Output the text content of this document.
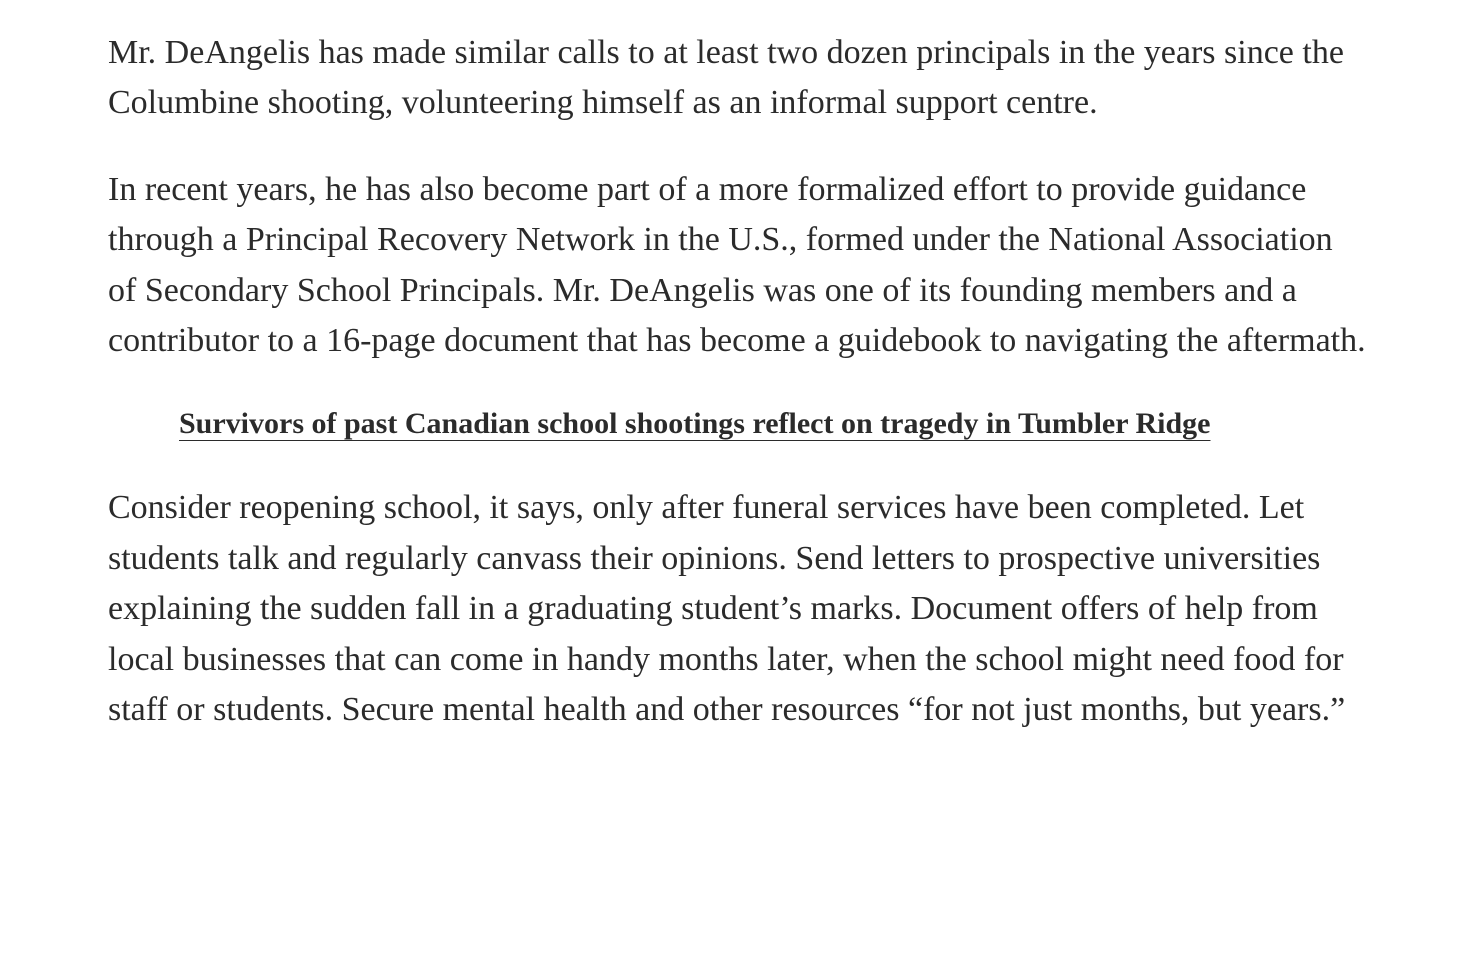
Mr. DeAngelis has made similar calls to at least two dozen principals in the years since the Columbine shooting, volunteering himself as an informal support centre.

In recent years, he has also become part of a more formalized effort to provide guidance through a Principal Recovery Network in the U.S., formed under the National Association of Secondary School Principals. Mr. DeAngelis was one of its founding members and a contributor to a 16-page document that has become a guidebook to navigating the aftermath.

Survivors of past Canadian school shootings reflect on tragedy in Tumbler Ridge

Consider reopening school, it says, only after funeral services have been completed. Let students talk and regularly canvass their opinions. Send letters to prospective universities explaining the sudden fall in a graduating student’s marks. Document offers of help from local businesses that can come in handy months later, when the school might need food for staff or students. Secure mental health and other resources “for not just months, but years.”
